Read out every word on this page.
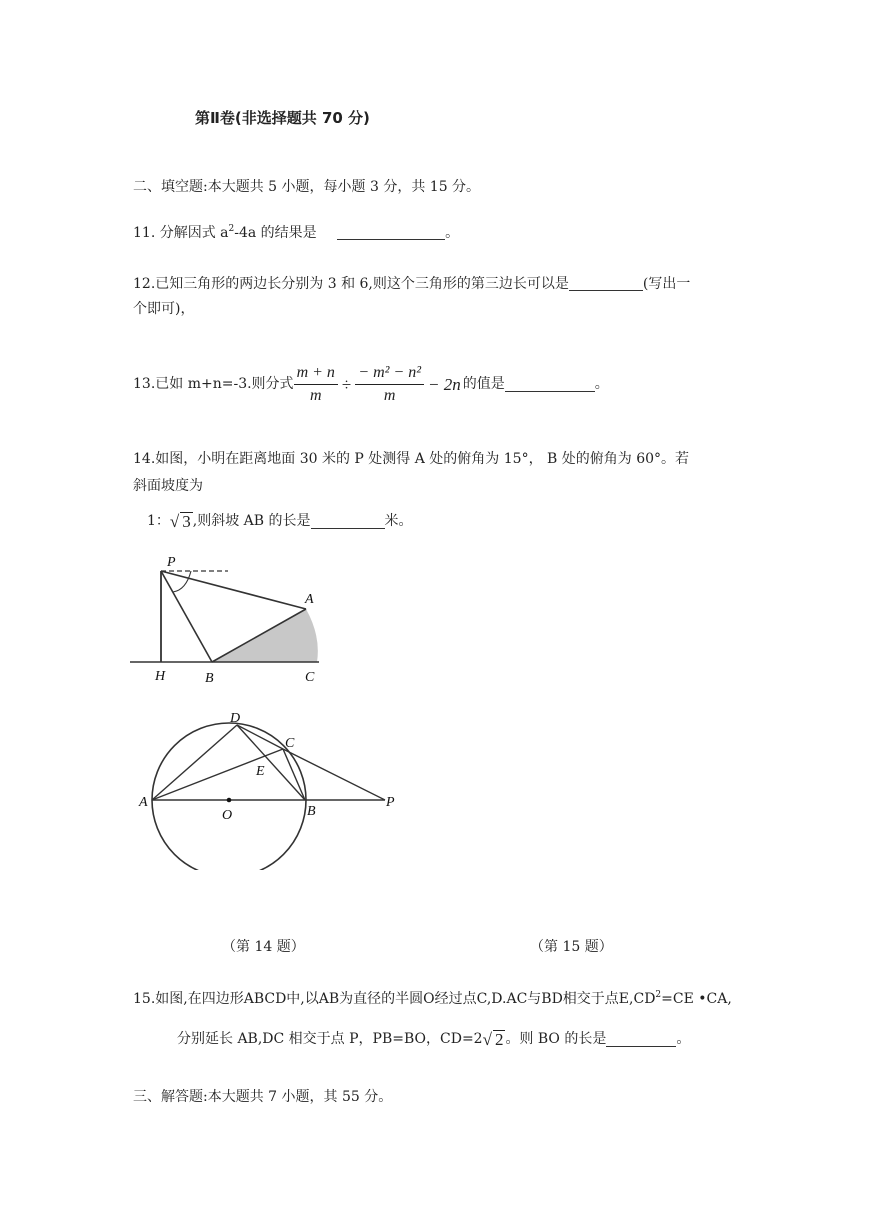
第Ⅱ卷(非选择题共 70 分)
二、填空题:本大题共 5 小题，每小题 3 分，共 15 分。
11. 分解因式 $a^2-4a$ 的结果是	。
12.已知三角形的两边长分别为 3 和 6,则这个三角形的第三边长可以是	(写出一
个即可)，
13.已如 m+n=-3.则分式 $\frac{m + n}{m} \div \frac{\text{− m² − n²}}{m} - 2n$ 的值是	。
14.如图，小明在距离地面 30 米的 P 处测得 A 处的俯角为 15°， B 处的俯角为 60°。若
斜面坡度为
1： √ 3 ,则斜坡 AB 的长是	米。
P
A
H	B	C
D
C
E
A
O	B
P
（第 14 题）	（第 15 题）
15.如图,在四边形ABCD中,以AB为直径的半圆O经过点C,D.AC与BD相交于点$E,CD^2=CE$ •CA,
分别延长 AB,DC 相交于点 P，PB=BO，CD=2 √ 2 。则 BO 的长是	。
三、解答题:本大题共 7 小题，其 55 分。
